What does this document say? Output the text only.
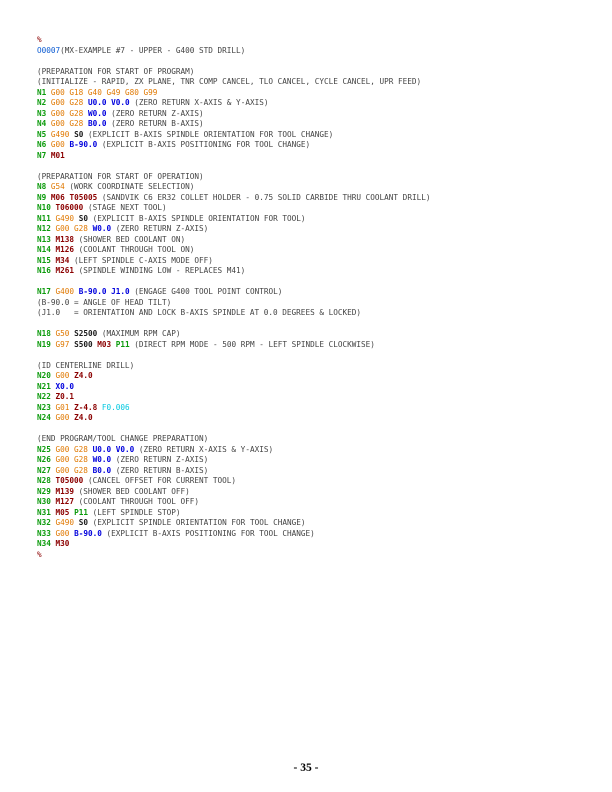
%
O0007(MX-EXAMPLE #7 - UPPER - G400 STD DRILL)
(PREPARATION FOR START OF PROGRAM)
(INITIALIZE - RAPID, ZX PLANE, TNR COMP CANCEL, TLO CANCEL, CYCLE CANCEL, UPR FEED)
N1 G00 G18 G40 G49 G80 G99
N2 G00 G28 U0.0 V0.0 (ZERO RETURN X-AXIS & Y-AXIS)
N3 G00 G28 W0.0 (ZERO RETURN Z-AXIS)
N4 G00 G28 B0.0 (ZERO RETURN B-AXIS)
N5 G490 S0 (EXPLICIT B-AXIS SPINDLE ORIENTATION FOR TOOL CHANGE)
N6 G00 B-90.0 (EXPLICIT B-AXIS POSITIONING FOR TOOL CHANGE)
N7 M01
(PREPARATION FOR START OF OPERATION)
N8 G54 (WORK COORDINATE SELECTION)
N9 M06 T05005 (SANDVIK C6 ER32 COLLET HOLDER - 0.75 SOLID CARBIDE THRU COOLANT DRILL)
N10 T06000 (STAGE NEXT TOOL)
N11 G490 S0 (EXPLICIT B-AXIS SPINDLE ORIENTATION FOR TOOL)
N12 G00 G28 W0.0 (ZERO RETURN Z-AXIS)
N13 M138 (SHOWER BED COOLANT ON)
N14 M126 (COOLANT THROUGH TOOL ON)
N15 M34 (LEFT SPINDLE C-AXIS MODE OFF)
N16 M261 (SPINDLE WINDING LOW - REPLACES M41)
N17 G400 B-90.0 J1.0 (ENGAGE G400 TOOL POINT CONTROL)
(B-90.0 = ANGLE OF HEAD TILT)
(J1.0   = ORIENTATION AND LOCK B-AXIS SPINDLE AT 0.0 DEGREES & LOCKED)
N18 G50 S2500 (MAXIMUM RPM CAP)
N19 G97 S500 M03 P11 (DIRECT RPM MODE - 500 RPM - LEFT SPINDLE CLOCKWISE)
(ID CENTERLINE DRILL)
N20 G00 Z4.0
N21 X0.0
N22 Z0.1
N23 G01 Z-4.8 F0.006
N24 G00 Z4.0
(END PROGRAM/TOOL CHANGE PREPARATION)
N25 G00 G28 U0.0 V0.0 (ZERO RETURN X-AXIS & Y-AXIS)
N26 G00 G28 W0.0 (ZERO RETURN Z-AXIS)
N27 G00 G28 B0.0 (ZERO RETURN B-AXIS)
N28 T05000 (CANCEL OFFSET FOR CURRENT TOOL)
N29 M139 (SHOWER BED COOLANT OFF)
N30 M127 (COOLANT THROUGH TOOL OFF)
N31 M05 P11 (LEFT SPINDLE STOP)
N32 G490 S0 (EXPLICIT SPINDLE ORIENTATION FOR TOOL CHANGE)
N33 G00 B-90.0 (EXPLICIT B-AXIS POSITIONING FOR TOOL CHANGE)
N34 M30
%
- 35 -
